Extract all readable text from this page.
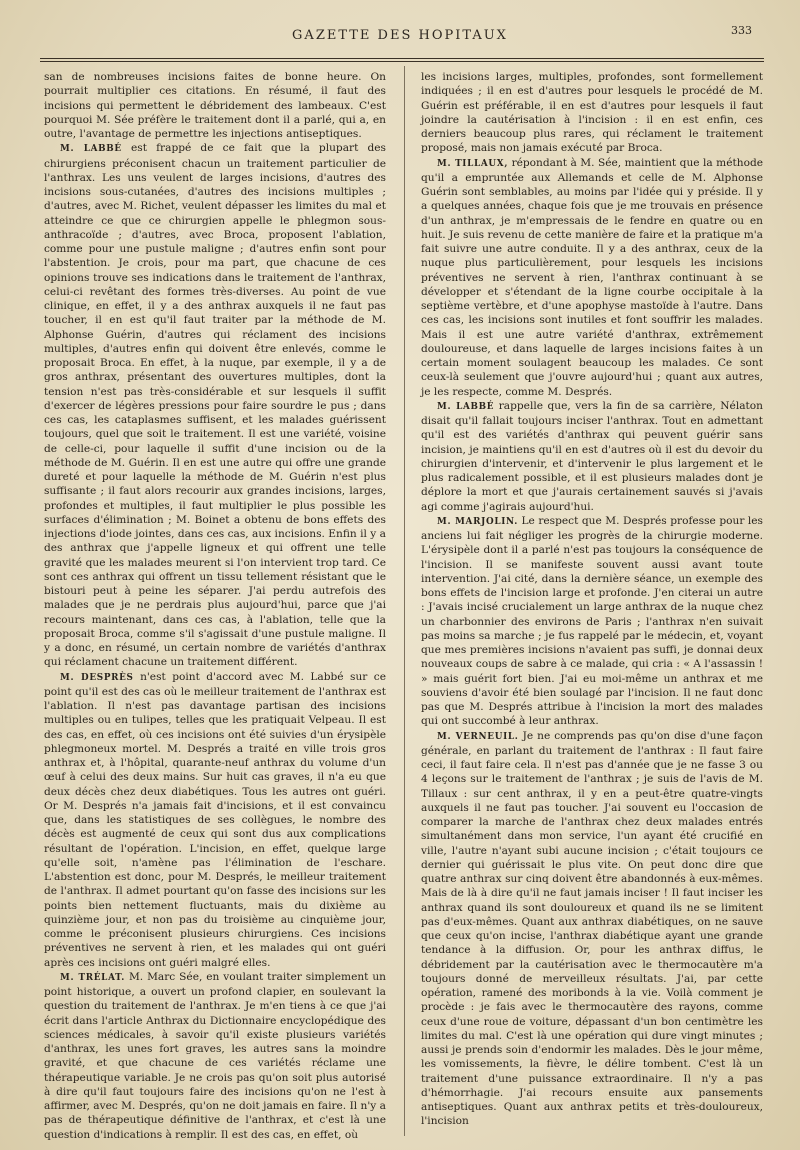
GAZETTE DES HOPITAUX	333

san de nombreuses incisions faites de bonne heure. On pourrait multiplier ces citations. En résumé, il faut des incisions qui permettent le débridement des lambeaux. C'est pourquoi M. Sée préfère le traitement dont il a parlé, qui a, en outre, l'avantage de permettre les injections antiseptiques.

M. LABBÉ est frappé de ce fait que la plupart des chirurgiens préconisent chacun un traitement particulier de l'anthrax. Les uns veulent de larges incisions, d'autres des incisions sous-cutanées, d'autres des incisions multiples ; d'autres, avec M. Richet, veulent dépasser les limites du mal et atteindre ce que ce chirurgien appelle le phlegmon sous-anthracoïde ; d'autres, avec Broca, proposent l'ablation, comme pour une pustule maligne ; d'autres enfin sont pour l'abstention. Je crois, pour ma part, que chacune de ces opinions trouve ses indications dans le traitement de l'anthrax, celui-ci revêtant des formes très-diverses. Au point de vue clinique, en effet, il y a des anthrax auxquels il ne faut pas toucher, il en est qu'il faut traiter par la méthode de M. Alphonse Guérin, d'autres qui réclament des incisions multiples, d'autres enfin qui doivent être enlevés, comme le proposait Broca. En effet, à la nuque, par exemple, il y a de gros anthrax, présentant des ouvertures multiples, dont la tension n'est pas très-considérable et sur lesquels il suffit d'exercer de légères pressions pour faire sourdre le pus ; dans ces cas, les cataplasmes suffisent, et les malades guérissent toujours, quel que soit le traitement. Il est une variété, voisine de celle-ci, pour laquelle il suffit d'une incision ou de la méthode de M. Guérin. Il en est une autre qui offre une grande dureté et pour laquelle la méthode de M. Guérin n'est plus suffisante ; il faut alors recourir aux grandes incisions, larges, profondes et multiples, il faut multiplier le plus possible les surfaces d'élimination ; M. Boinet a obtenu de bons effets des injections d'iode jointes, dans ces cas, aux incisions. Enfin il y a des anthrax que j'appelle ligneux et qui offrent une telle gravité que les malades meurent si l'on intervient trop tard. Ce sont ces anthrax qui offrent un tissu tellement résistant que le bistouri peut à peine les séparer. J'ai perdu autrefois des malades que je ne perdrais plus aujourd'hui, parce que j'ai recours maintenant, dans ces cas, à l'ablation, telle que la proposait Broca, comme s'il s'agissait d'une pustule maligne. Il y a donc, en résumé, un certain nombre de variétés d'anthrax qui réclament chacune un traitement différent.

M. DESPRÈS n'est point d'accord avec M. Labbé sur ce point qu'il est des cas où le meilleur traitement de l'anthrax est l'ablation. Il n'est pas davantage partisan des incisions multiples ou en tulipes, telles que les pratiquait Velpeau. Il est des cas, en effet, où ces incisions ont été suivies d'un érysipèle phlegmoneux mortel. M. Després a traité en ville trois gros anthrax et, à l'hôpital, quarante-neuf anthrax du volume d'un œuf à celui des deux mains. Sur huit cas graves, il n'a eu que deux décès chez deux diabétiques. Tous les autres ont guéri. Or M. Després n'a jamais fait d'incisions, et il est convaincu que, dans les statistiques de ses collègues, le nombre des décès est augmenté de ceux qui sont dus aux complications résultant de l'opération. L'incision, en effet, quelque large qu'elle soit, n'amène pas l'élimination de l'eschare. L'abstention est donc, pour M. Després, le meilleur traitement de l'anthrax. Il admet pourtant qu'on fasse des incisions sur les points bien nettement fluctuants, mais du dixième au quinzième jour, et non pas du troisième au cinquième jour, comme le préconisent plusieurs chirurgiens. Ces incisions préventives ne servent à rien, et les malades qui ont guéri après ces incisions ont guéri malgré elles.

M. TRÉLAT. M. Marc Sée, en voulant traiter simplement un point historique, a ouvert un profond clapier, en soulevant la question du traitement de l'anthrax. Je m'en tiens à ce que j'ai écrit dans l'article Anthrax du Dictionnaire encyclopédique des sciences médicales, à savoir qu'il existe plusieurs variétés d'anthrax, les unes fort graves, les autres sans la moindre gravité, et que chacune de ces variétés réclame une thérapeutique variable. Je ne crois pas qu'on soit plus autorisé à dire qu'il faut toujours faire des incisions qu'on ne l'est à affirmer, avec M. Després, qu'on ne doit jamais en faire. Il n'y a pas de thérapeutique définitive de l'anthrax, et c'est là une question d'indications à remplir. Il est des cas, en effet, où

les incisions larges, multiples, profondes, sont formellement indiquées ; il en est d'autres pour lesquels le procédé de M. Guérin est préférable, il en est d'autres pour lesquels il faut joindre la cautérisation à l'incision : il en est enfin, ces derniers beaucoup plus rares, qui réclament le traitement proposé, mais non jamais exécuté par Broca.

M. TILLAUX, répondant à M. Sée, maintient que la méthode qu'il a empruntée aux Allemands et celle de M. Alphonse Guérin sont semblables, au moins par l'idée qui y préside. Il y a quelques années, chaque fois que je me trouvais en présence d'un anthrax, je m'empressais de le fendre en quatre ou en huit. Je suis revenu de cette manière de faire et la pratique m'a fait suivre une autre conduite. Il y a des anthrax, ceux de la nuque plus particulièrement, pour lesquels les incisions préventives ne servent à rien, l'anthrax continuant à se développer et s'étendant de la ligne courbe occipitale à la septième vertèbre, et d'une apophyse mastoïde à l'autre. Dans ces cas, les incisions sont inutiles et font souffrir les malades. Mais il est une autre variété d'anthrax, extrêmement douloureuse, et dans laquelle de larges incisions faites à un certain moment soulagent beaucoup les malades. Ce sont ceux-là seulement que j'ouvre aujourd'hui ; quant aux autres, je les respecte, comme M. Després.

M. LABBÉ rappelle que, vers la fin de sa carrière, Nélaton disait qu'il fallait toujours inciser l'anthrax. Tout en admettant qu'il est des variétés d'anthrax qui peuvent guérir sans incision, je maintiens qu'il en est d'autres où il est du devoir du chirurgien d'intervenir, et d'intervenir le plus largement et le plus radicalement possible, et il est plusieurs malades dont je déplore la mort et que j'aurais certainement sauvés si j'avais agi comme j'agirais aujourd'hui.

M. MARJOLIN. Le respect que M. Després professe pour les anciens lui fait négliger les progrès de la chirurgie moderne. L'érysipèle dont il a parlé n'est pas toujours la conséquence de l'incision. Il se manifeste souvent aussi avant toute intervention. J'ai cité, dans la dernière séance, un exemple des bons effets de l'incision large et profonde. J'en citerai un autre : J'avais incisé crucialement un large anthrax de la nuque chez un charbonnier des environs de Paris ; l'anthrax n'en suivait pas moins sa marche ; je fus rappelé par le médecin, et, voyant que mes premières incisions n'avaient pas suffi, je donnai deux nouveaux coups de sabre à ce malade, qui cria : « A l'assassin ! » mais guérit fort bien. J'ai eu moi-même un anthrax et me souviens d'avoir été bien soulagé par l'incision. Il ne faut donc pas que M. Després attribue à l'incision la mort des malades qui ont succombé à leur anthrax.

M. VERNEUIL. Je ne comprends pas qu'on dise d'une façon générale, en parlant du traitement de l'anthrax : Il faut faire ceci, il faut faire cela. Il n'est pas d'année que je ne fasse 3 ou 4 leçons sur le traitement de l'anthrax ; je suis de l'avis de M. Tillaux : sur cent anthrax, il y en a peut-être quatre-vingts auxquels il ne faut pas toucher. J'ai souvent eu l'occasion de comparer la marche de l'anthrax chez deux malades entrés simultanément dans mon service, l'un ayant été crucifié en ville, l'autre n'ayant subi aucune incision ; c'était toujours ce dernier qui guérissait le plus vite. On peut donc dire que quatre anthrax sur cinq doivent être abandonnés à eux-mêmes. Mais de là à dire qu'il ne faut jamais inciser ! Il faut inciser les anthrax quand ils sont douloureux et quand ils ne se limitent pas d'eux-mêmes. Quant aux anthrax diabétiques, on ne sauve que ceux qu'on incise, l'anthrax diabétique ayant une grande tendance à la diffusion. Or, pour les anthrax diffus, le débridement par la cautérisation avec le thermocautère m'a toujours donné de merveilleux résultats. J'ai, par cette opération, ramené des moribonds à la vie. Voilà comment je procède : je fais avec le thermocautère des rayons, comme ceux d'une roue de voiture, dépassant d'un bon centimètre les limites du mal. C'est là une opération qui dure vingt minutes ; aussi je prends soin d'endormir les malades. Dès le jour même, les vomissements, la fièvre, le délire tombent. C'est là un traitement d'une puissance extraordinaire. Il n'y a pas d'hémorrhagie. J'ai recours ensuite aux pansements antiseptiques. Quant aux anthrax petits et très-douloureux, l'incision
